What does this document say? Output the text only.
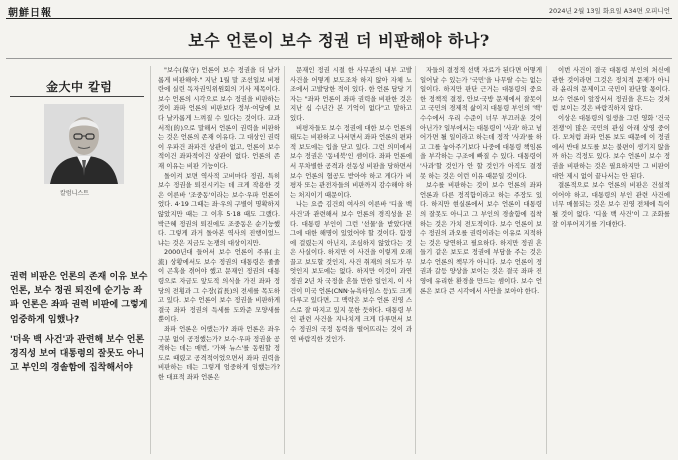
朝鮮日報	2024년 2월 13일 화요일 A34면 오피니언
보수 언론이 보수 정권 더 비판해야 하나?
金大中 칼럼
칼럼니스트

권력 비판은 언론의 존재 이유 보수 언론, 보수 정권 퇴진에 순기능 좌파 언론은 좌파 권력 비판에 그렇게 엄중하게 임했나?

'더욱 백 사건'과 관련해 보수 언론 경직성 보여 대통령의 잘못도 아니고 부인의 경솔함에 집착해서야

"보수(保守) 언론이 보수 정권을 더 날카롭게 비판해야." 지난 1월 말 조선일보 비평란에 실린 독자권익위원회의 기사 제목이다. 보수 언론의 시각으로 보수 정권을 비판하는 것이 좌파 언론의 비판보다 정부·여당에 보다 날카롭게 느껴질 수 있다는 것이다. 교과서적(的)으로 말해서 언론이 권력을 비판하는 것은 언론의 존재 이유다. 그 대상인 권력이 우파건 좌파건 상관이 없고, 언론이 보수적이건 좌파적이건 상관이 없다. 언론의 존재 이유는 비판 기능이다.

돌이켜 보면 역사적 고비마다 정권, 특히 보수 정권을 퇴진시키는 데 크게 작용한 것은 이른바 '조중동'이라는 보수·우파 언론이었다. 4·19 그때는 좌·우의 구별이 명확하지 않았지만 때는 그 이후 5·18 때도 그랬다. 박근혜 정권의 퇴진에도 조중동은 순기능했다. 그렇게 과거 돌아본 역사의 진행이었느냐는 것은 지금도 논쟁의 대상이지만.

2000년대 들어서 보수 언론이 주류(主流) 상황에서도 보수 정권의 대통령은 줄줄이 곤혹을 겪어야 했고 문재인 정권의 대통령으로 자금도 앞도적 의식을 가진 좌파 정당의 전횡과 그 수장(首長)의 전세를 목도하고 있다. 보수 언론이 보수 정권을 비판하게 결국 좌파 정권의 득세를 도와준 모양새를 뿐이다.

좌파 언론은 어땠는가? 좌파 언론은 좌우 구분 없이 공정했는가? 보수·우파 정권을 공격하는 데는 매번, '가짜 뉴스'를 동원할 정도로 때렸고 공격적이었으면서 좌파 권력을 비판하는 데는 그렇게 엄중하게 임했는가? 한 대표적 좌파 언론은

문재인 정권 시절 한 사무관의 내부 고발 사건을 어떻게 보도조차 하지 않아 자체 노조에서 고발당한 적이 있다. 한 언론 담당 기자는 "좌파 언론이 좌파 권력을 비판한 것은 지난 십 수년간 본 기억이 없다"고 말하고 있다.

비평자들도 보수 정권에 대한 보수 언론의 태도는 비판하고 나서면서 좌파 언론의 편파적 보도에는 입을 닫고 있다. 그런 의미에서 보수 정권은 '동네북'인 셈이다. 좌파 언론에서 무차별한 공격과 선동성 비판을 당하면서 보수 언론의 협공도 받아야 하고 게다가 비평자 또는 관전자들의 비판까지 감수해야 하는 처지이기 때문이다.

나는 요즘 김건희 여사의 이른바 '디올 백 사건'과 관련해서 보수 언론의 경직성을 본다. 대통령 부인이 그런 '선물'을 받았다면 그에 대한 해명이 있었어야 할 것이다. 함정에 걸렸는지 아닌지, 조심하지 않았다는 것은 사실이다. 하지만 이 사건을 이렇게 오래 끌고 보도할 것인지, 사건 취재의 의도가 무엇인지 보도에는 없다. 하지만 이것이 과연 정권 2년 차 국정을 흔들 만한 일인지, 이 사건이 미국 언론(CNN·뉴욕타임스 등)도 크게 다루고 있다면, 그 맥락은 보수 언론 진영 스스로 잘 따지고 있지 못한 듯하다. 대통령 부인 관련 사건을 지나치게 크게 다루면서 보수 정권의 국정 동력을 떨어뜨리는 것이 과연 바람직한 것인가.

자들의 결정적 선택 자료가 된다면 어떻게 일어날 수 있는가 '국민'을 나무랄 수는 없는 일이다. 하지만 판단 근거는 대통령의 중요한 정책적 결정, 안보·국방 문제에서 잘못이고 국민의 경제적 삶이지 대통령 부인의 '백' 수수에서 우리 수준이 너무 부끄러운 것이 아닌가? 일부에서는 대통령이 '사과' 하고 넘어가면 될 일이라고 하는데 정작 '사과'를 하고 그를 놓아주기보다 나중에 대통령 책임론을 부각하는 구조에 빠질 수 있다. 대통령이 '사과'할 것인가 안 할 것인가 아직도 결정 못 하는 것은 이런 이유 때문일 것이다.

보수를 비판하는 것이 보수 언론의 좌파 언론과 다른 정직함이라고 하는 주장도 있다. 하지만 현실론에서 보수 언론이 대통령의 잘못도 아니고 그 부인의 경솔함에 집착하는 것은 가치 전도적이다. 보수 언론이 보수 정권의 과오를 권력이라는 이유로 지적하는 것은 당연하고 필요하다. 하지만 정권 흔들기 같은 보도로 정권에 부담을 주는 것은 보수 언론의 책무가 아니다. 보수 언론이 정권과 갈등 양상을 보이는 것은 결국 좌파 진영에 유리한 환경을 만드는 셈이다. 보수 언론은 보다 큰 시각에서 사안을 보아야 한다.

이번 사건이 결국 대통령 부인의 처신에 관한 것이라면 그것은 정치적 문제가 아니라 윤리의 문제이고 국민이 판단할 몫이다. 보수 언론이 앞장서서 정권을 흔드는 것처럼 보이는 것은 바람직하지 않다.

이상은 대통령의 일생을 그린 영화 '건국전쟁'이 많은 국민의 관심 아래 상영 중이다. 모처럼 좌파 언론 보도 때문에 이 정권에서 반대 보도를 보는 불편이 생기지 않을까 하는 걱정도 있다. 보수 언론이 보수 정권을 비판하는 것은 필요하지만 그 비판이 대안 제시 없이 끝나서는 안 된다.

결론적으로 보수 언론의 비판은 건설적이어야 하고, 대통령의 부인 관련 사건에 너무 매몰되는 것은 보수 진영 전체에 득이 될 것이 없다. '디올 백 사건'이 그 조화를 잘 이루어지기를 기대한다.
